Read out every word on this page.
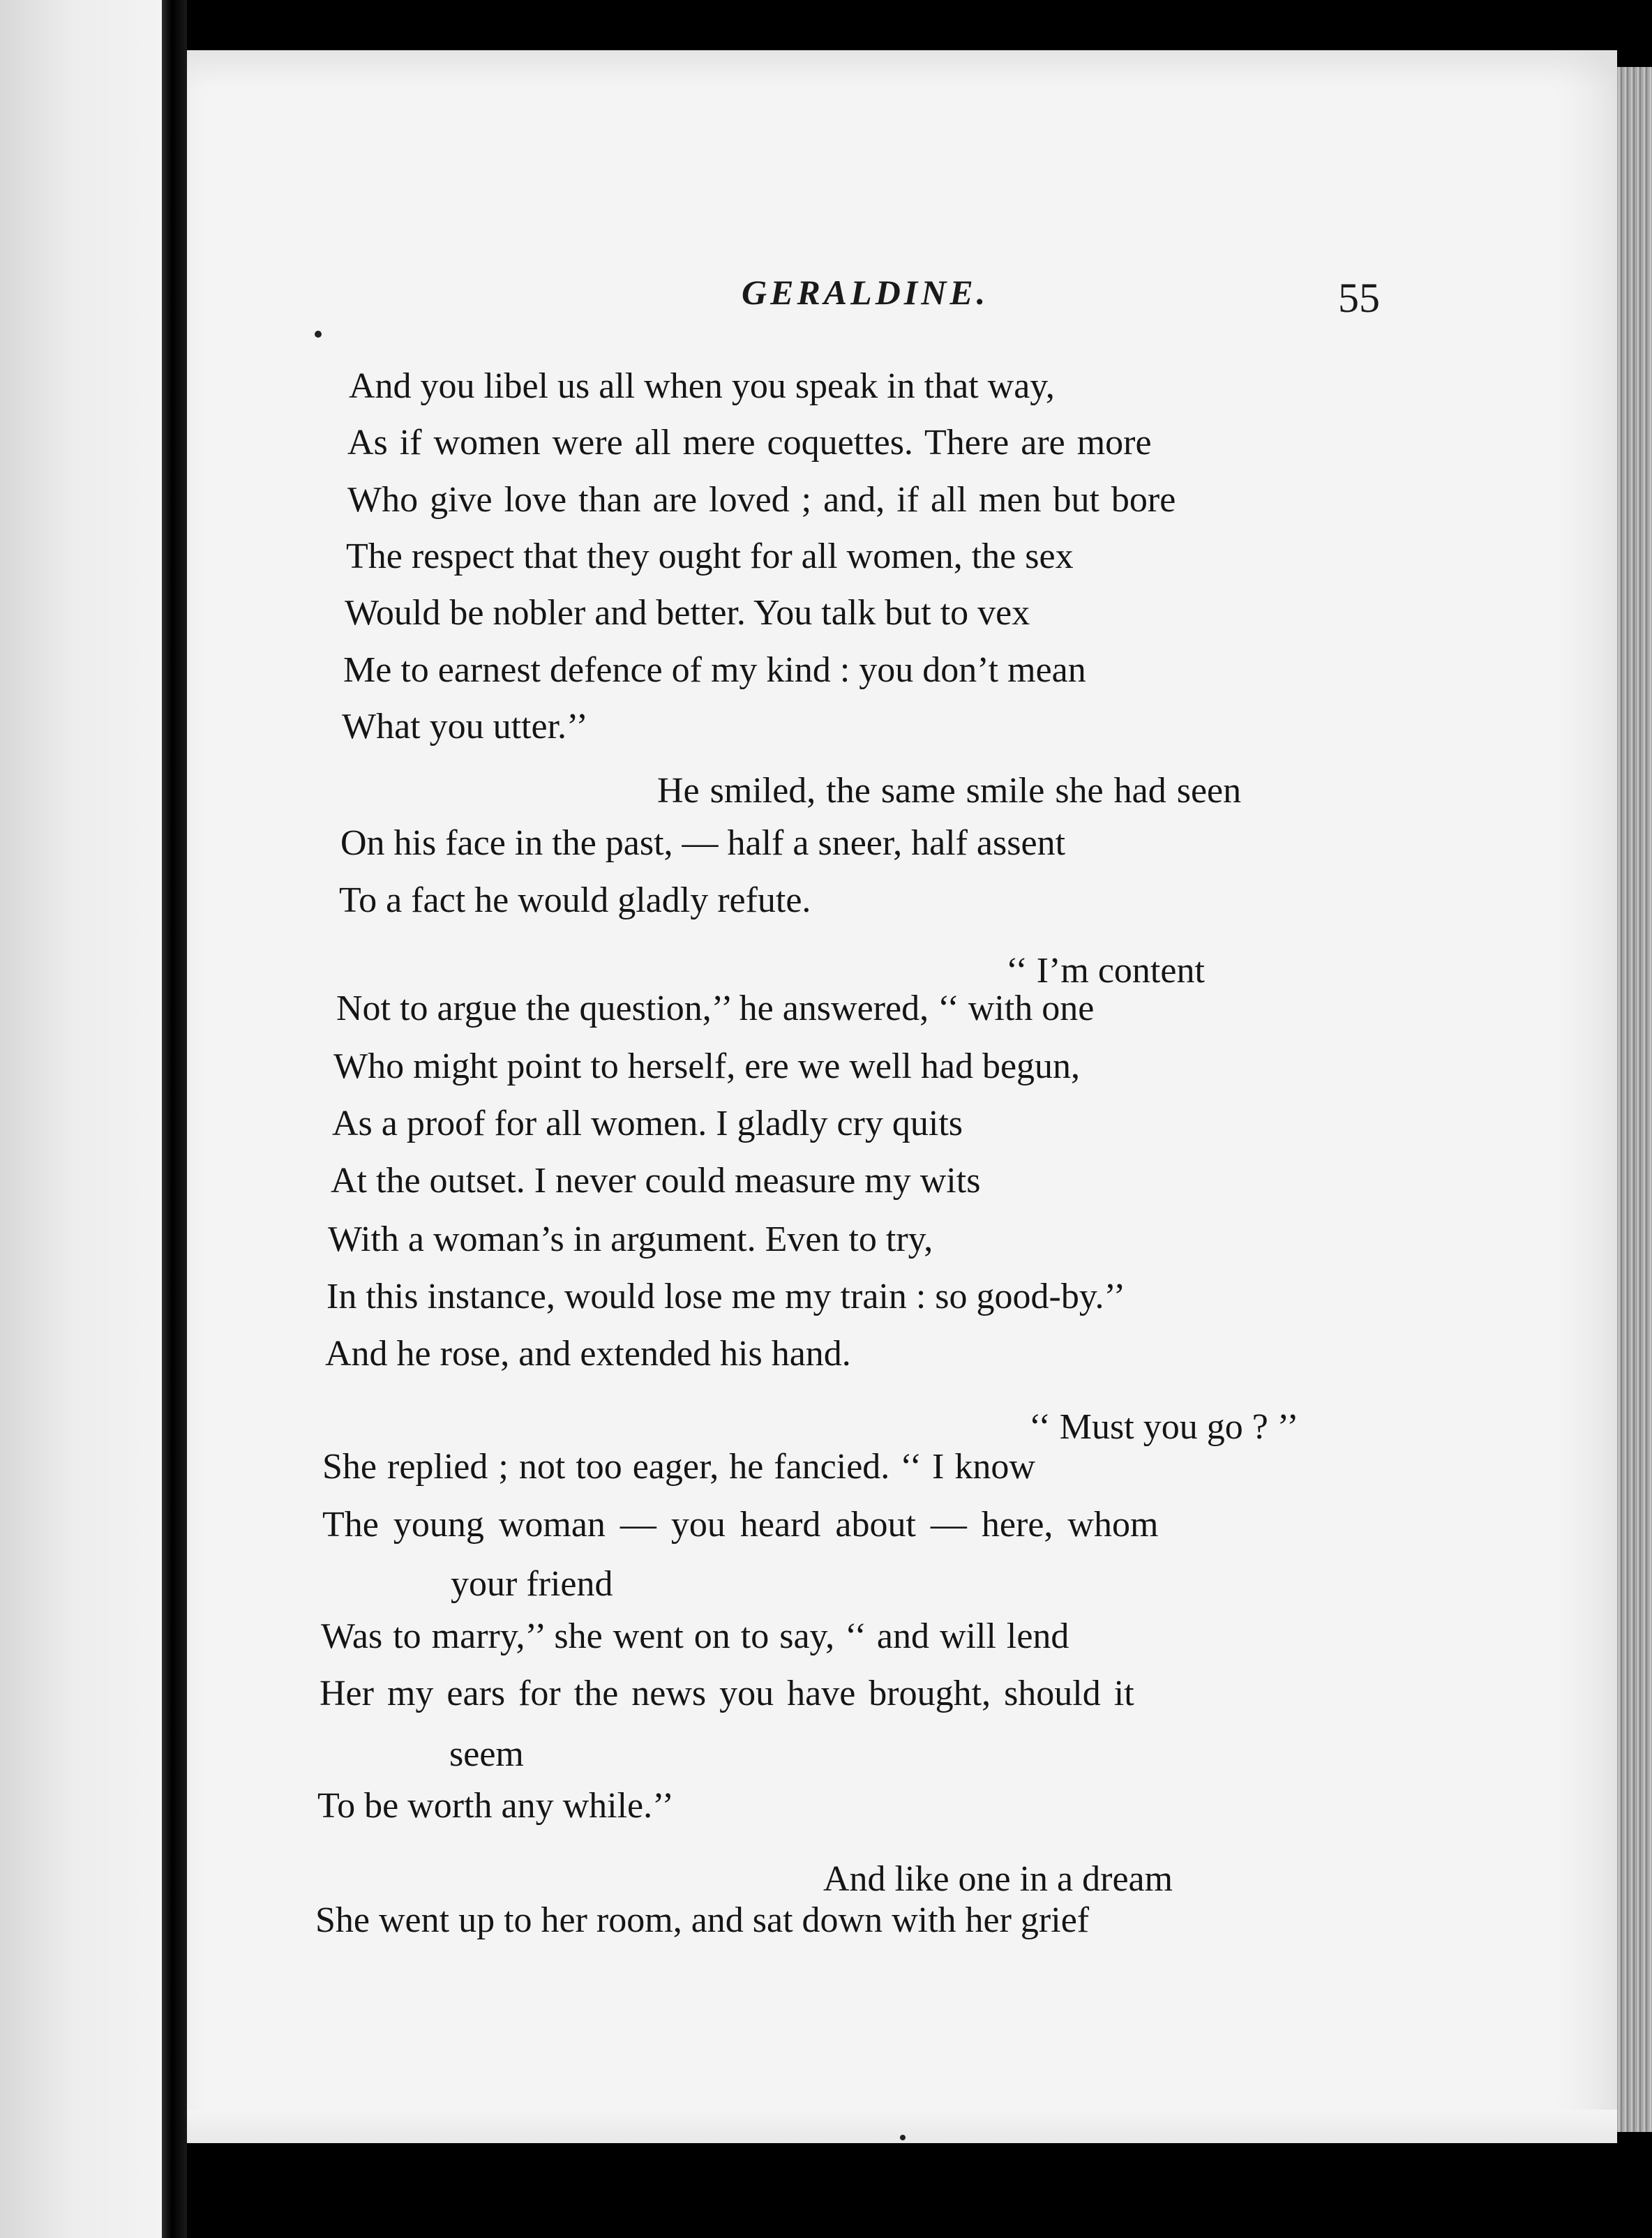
GERALDINE.	55
And you libel us all when you speak in that way,
As if women were all mere coquettes. There are more
Who give love than are loved ; and, if all men but bore
The respect that they ought for all women, the sex
Would be nobler and better. You talk but to vex
Me to earnest defence of my kind : you don’t mean
What you utter.’’
He smiled, the same smile she had seen
On his face in the past, — half a sneer, half assent
To a fact he would gladly refute.
‘‘ I’m content
Not to argue the question,’’ he answered, ‘‘ with one
Who might point to herself, ere we well had begun,
As a proof for all women. I gladly cry quits
At the outset. I never could measure my wits
With a woman’s in argument. Even to try,
In this instance, would lose me my train : so good-by.’’
And he rose, and extended his hand.
‘‘ Must you go ? ’’
She replied ; not too eager, he fancied. ‘‘ I know
The young woman — you heard about — here, whom
your friend
Was to marry,’’ she went on to say, ‘‘ and will lend
Her my ears for the news you have brought, should it
seem
To be worth any while.’’
And like one in a dream
She went up to her room, and sat down with her grief
